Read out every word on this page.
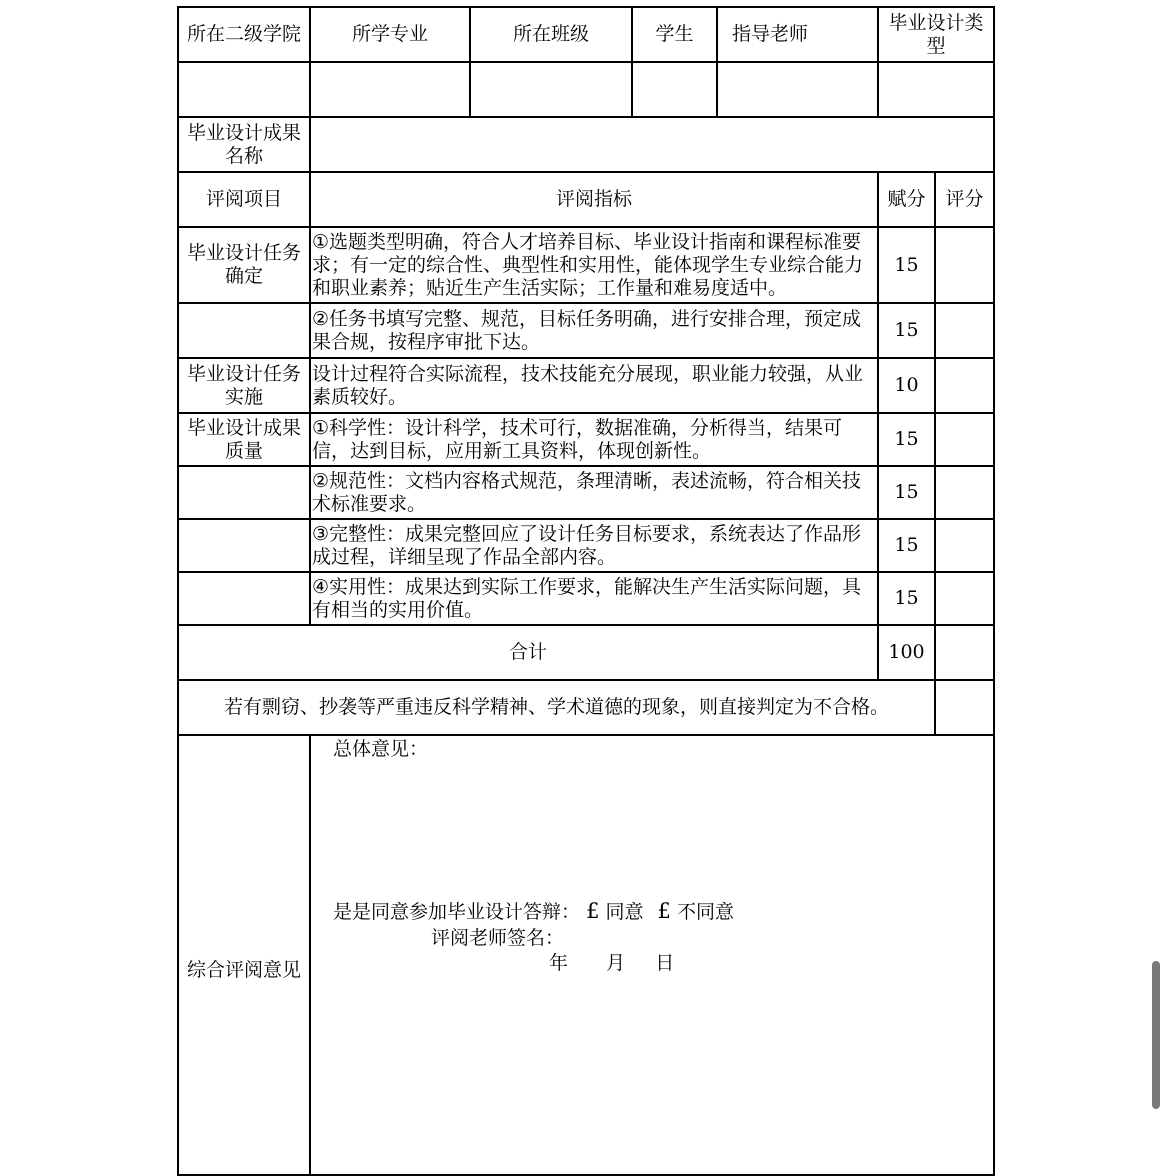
所在二级学院	所学专业	所在班级	学生	指导老师	毕业设计类型	

毕业设计成果名称						
评阅项目	评阅指标				赋分	评分
毕业设计任务确定	①选题类型明确，符合人才培养目标、毕业设计指南和课程标准要求；有一定的综合性、典型性和实用性，能体现学生专业综合能力和职业素养；贴近生产生活实际；工作量和难易度适中。				15	
	②任务书填写完整、规范，目标任务明确，进行安排合理，预定成果合规，按程序审批下达。				15	
毕业设计任务实施	设计过程符合实际流程，技术技能充分展现，职业能力较强，从业素质较好。				10	
毕业设计成果质量	①科学性：设计科学，技术可行，数据准确，分析得当，结果可信，达到目标，应用新工具资料，体现创新性。				15	
	②规范性：文档内容格式规范，条理清晰，表述流畅，符合相关技术标准要求。				15	
	③完整性：成果完整回应了设计任务目标要求，系统表达了作品形成过程，详细呈现了作品全部内容。				15	
	④实用性：成果达到实际工作要求，能解决生产生活实际问题，具有相当的实用价值。				15	
合计					100	
若有剽窃、抄袭等严重违反科学精神、学术道德的现象，则直接判定为不合格。						
综合评阅意见	总体意见：
是是同意参加毕业设计答辩： £ 同意 £ 不同意
评阅老师签名：
年 月 日					
